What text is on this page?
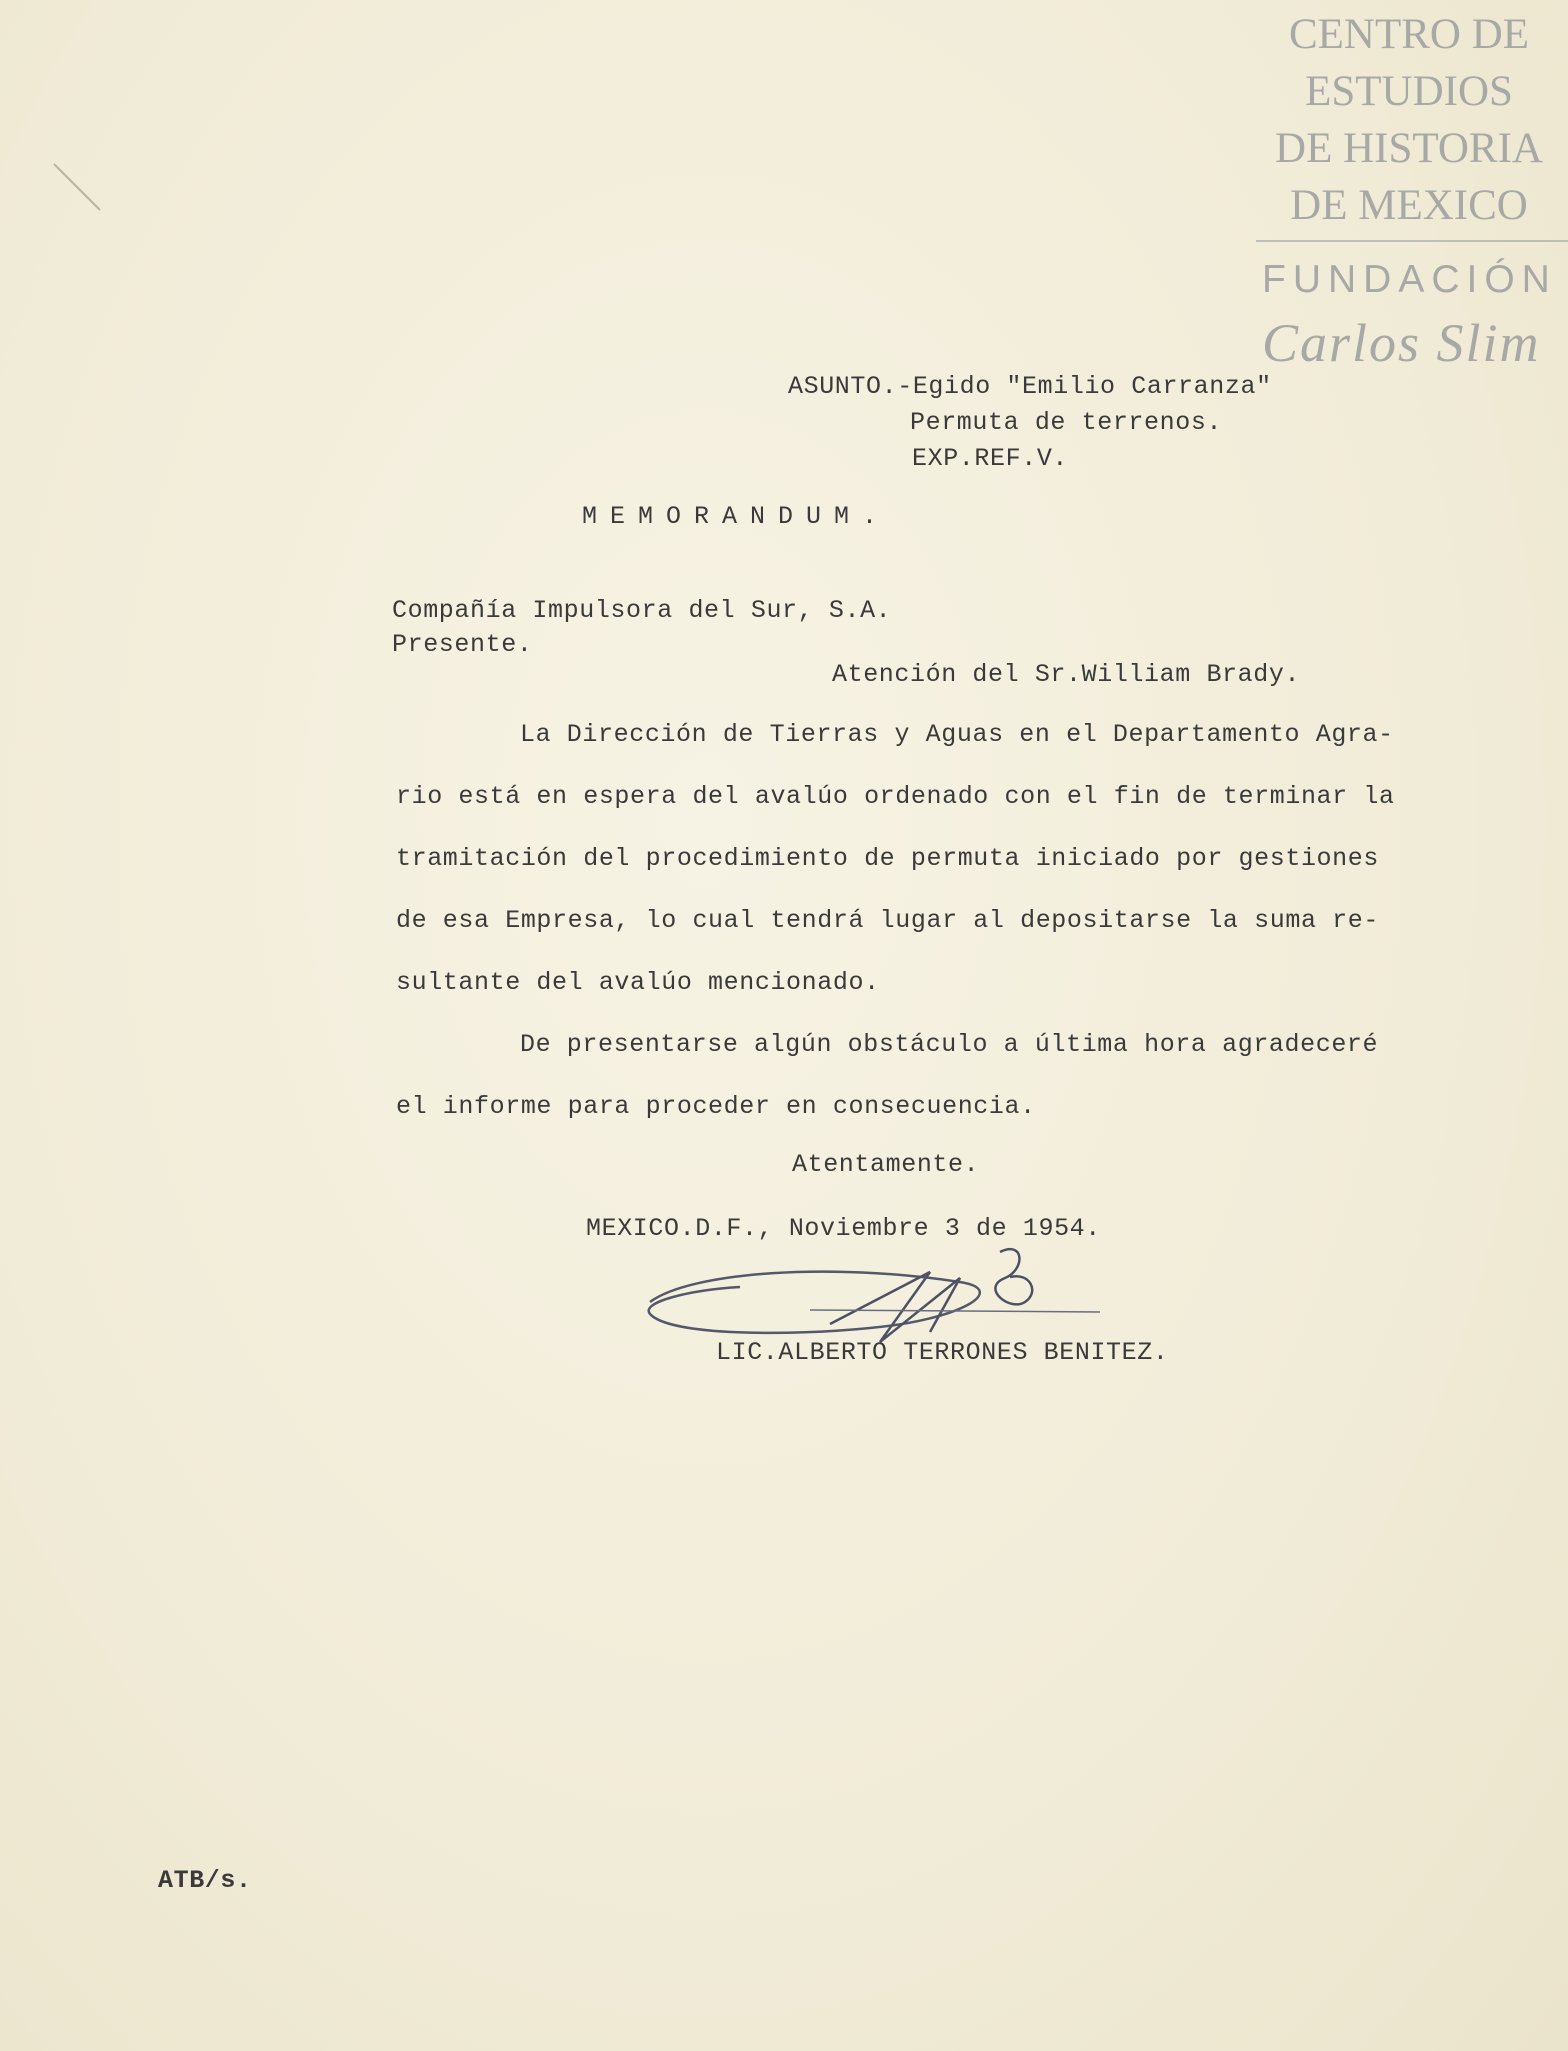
CENTRO DE
ESTUDIOS
DE HISTORIA
DE MEXICO
FUNDACIÓN
Carlos Slim
ASUNTO.-Egido "Emilio Carranza"
Permuta de terrenos.
EXP.REF.V.
MEMORANDUM.
Compañía Impulsora del Sur, S.A.
Presente.
Atención del Sr.William Brady.
La Dirección de Tierras y Aguas en el Departamento Agra-
rio está en espera del avalúo ordenado con el fin de terminar la
tramitación del procedimiento de permuta iniciado por gestiones
de esa Empresa, lo cual tendrá lugar al depositarse la suma re-
sultante del avalúo mencionado.
De presentarse algún obstáculo a última hora agradeceré
el informe para proceder en consecuencia.
Atentamente.
MEXICO.D.F., Noviembre 3 de 1954.
LIC.ALBERTO TERRONES BENITEZ.
ATB/s.
